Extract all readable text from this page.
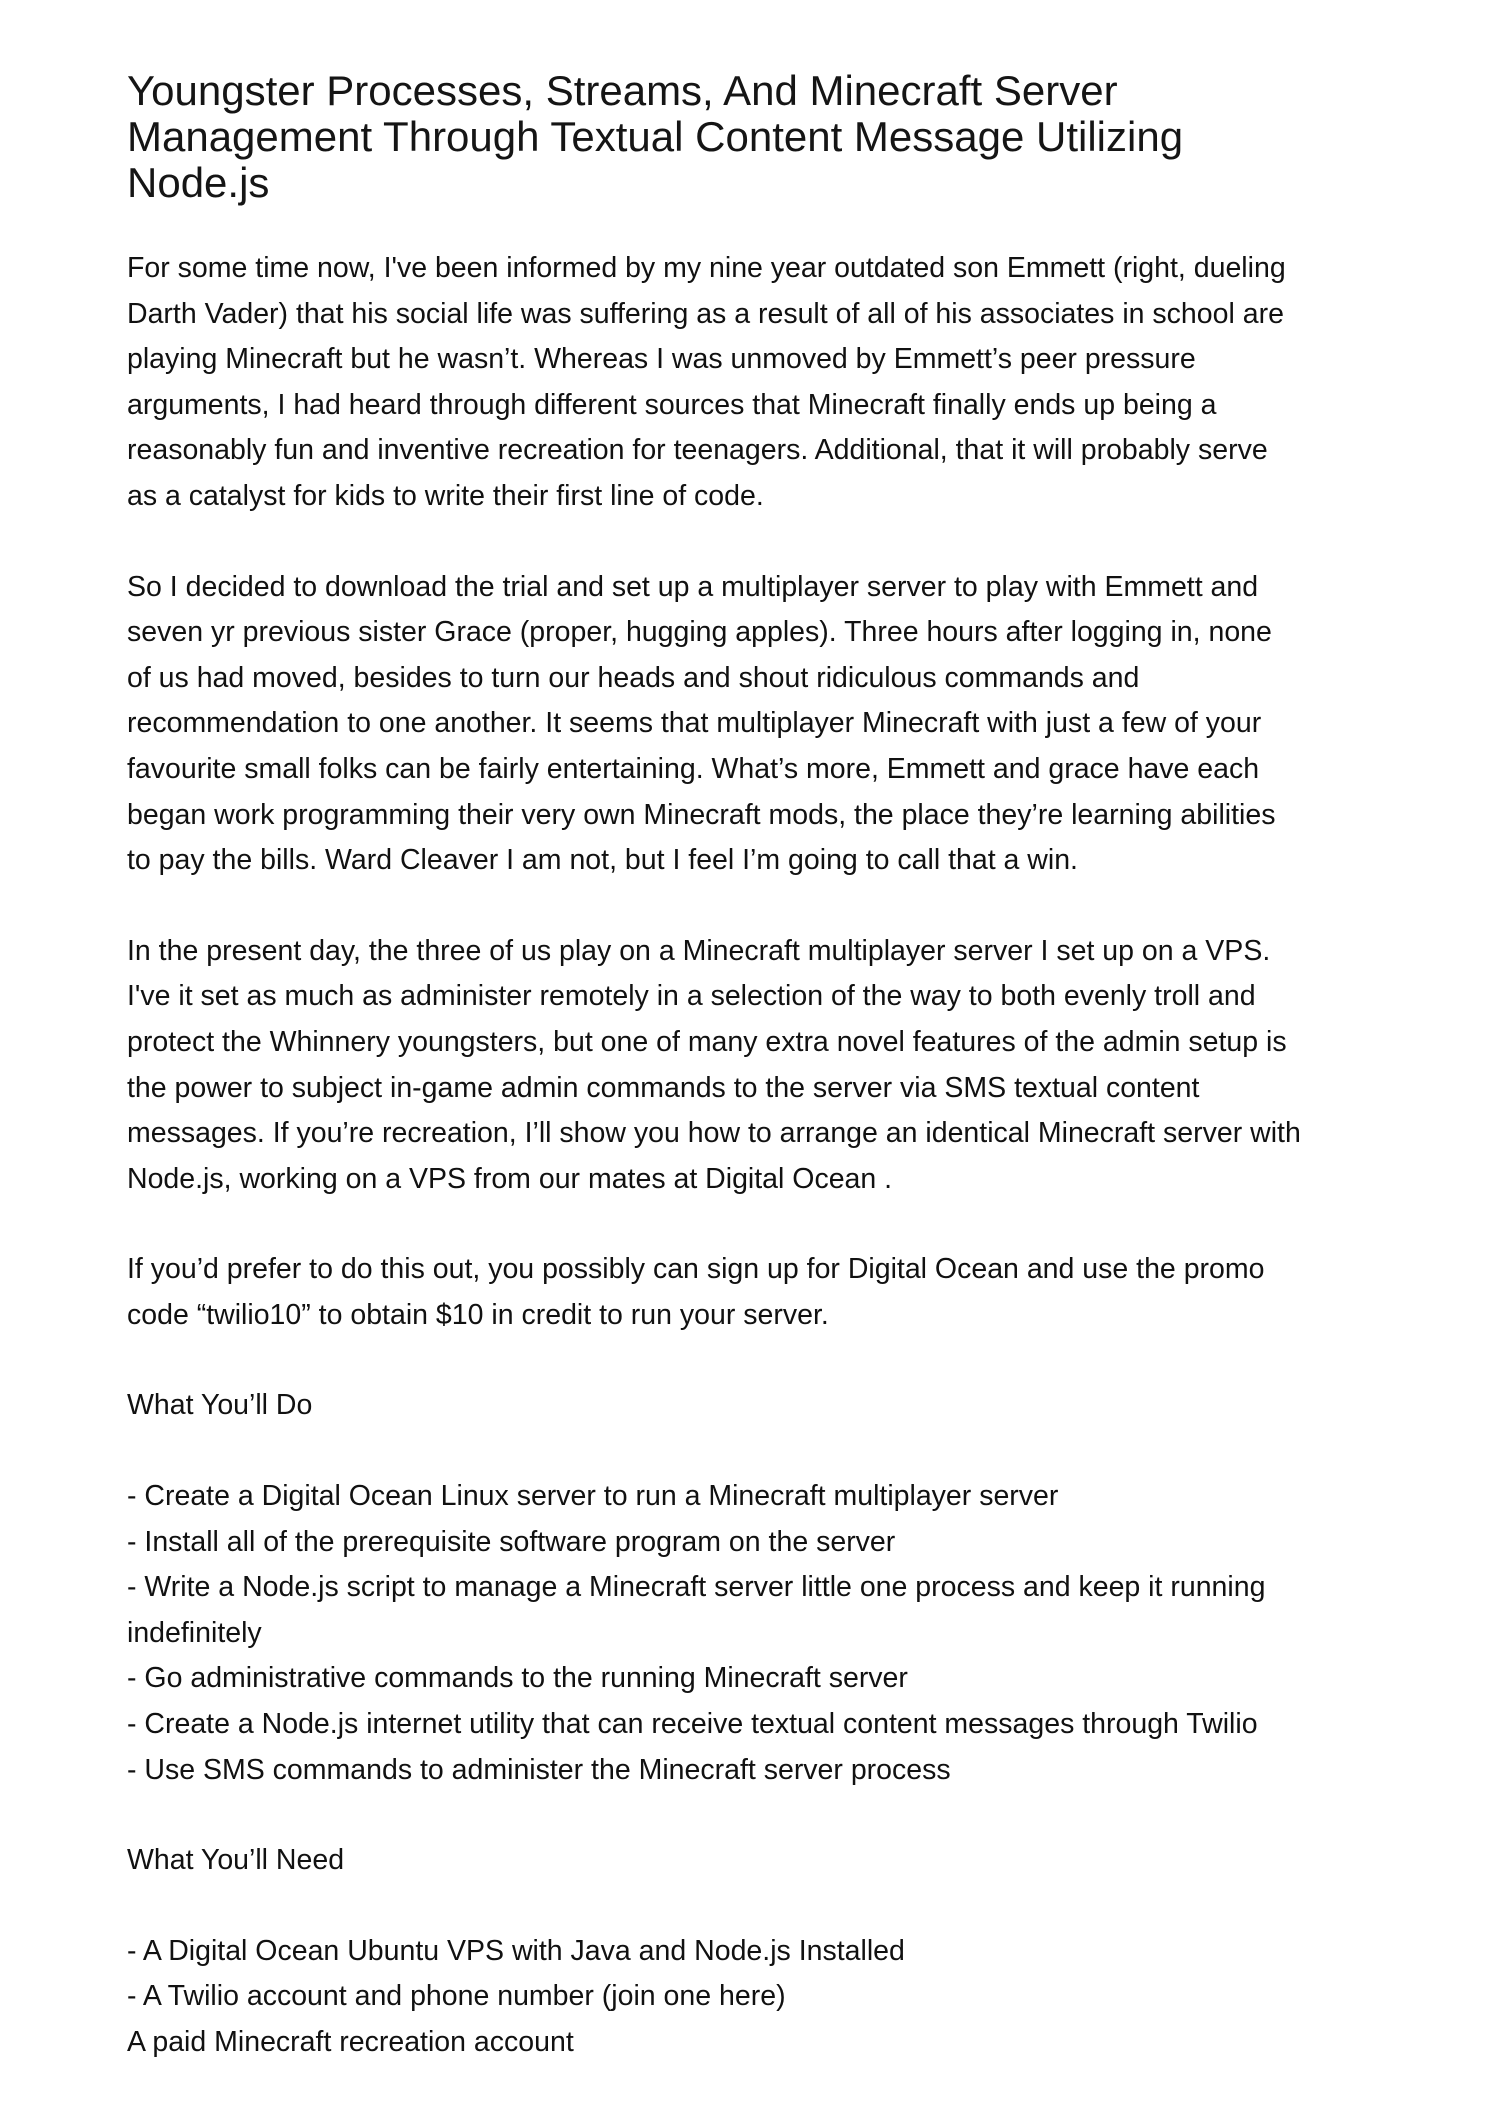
Youngster Processes, Streams, And Minecraft Server
Management Through Textual Content Message Utilizing
Node.js

For some time now, I've been informed by my nine year outdated son Emmett (right, dueling
Darth Vader) that his social life was suffering as a result of all of his associates in school are
playing Minecraft but he wasn’t. Whereas I was unmoved by Emmett’s peer pressure
arguments, I had heard through different sources that Minecraft finally ends up being a
reasonably fun and inventive recreation for teenagers. Additional, that it will probably serve
as a catalyst for kids to write their first line of code.

So I decided to download the trial and set up a multiplayer server to play with Emmett and
seven yr previous sister Grace (proper, hugging apples). Three hours after logging in, none
of us had moved, besides to turn our heads and shout ridiculous commands and
recommendation to one another. It seems that multiplayer Minecraft with just a few of your
favourite small folks can be fairly entertaining. What’s more, Emmett and grace have each
began work programming their very own Minecraft mods, the place they’re learning abilities
to pay the bills. Ward Cleaver I am not, but I feel I’m going to call that a win.

In the present day, the three of us play on a Minecraft multiplayer server I set up on a VPS.
I've it set as much as administer remotely in a selection of the way to both evenly troll and
protect the Whinnery youngsters, but one of many extra novel features of the admin setup is
the power to subject in-game admin commands to the server via SMS textual content
messages. If you’re recreation, I’ll show you how to arrange an identical Minecraft server with
Node.js, working on a VPS from our mates at Digital Ocean .

If you’d prefer to do this out, you possibly can sign up for Digital Ocean and use the promo
code “twilio10” to obtain $10 in credit to run your server.

What You’ll Do
- Create a Digital Ocean Linux server to run a Minecraft multiplayer server
- Install all of the prerequisite software program on the server
- Write a Node.js script to manage a Minecraft server little one process and keep it running
indefinitely
- Go administrative commands to the running Minecraft server
- Create a Node.js internet utility that can receive textual content messages through Twilio
- Use SMS commands to administer the Minecraft server process
What You’ll Need
- A Digital Ocean Ubuntu VPS with Java and Node.js Installed
- A Twilio account and phone number (join one here)
A paid Minecraft recreation account
